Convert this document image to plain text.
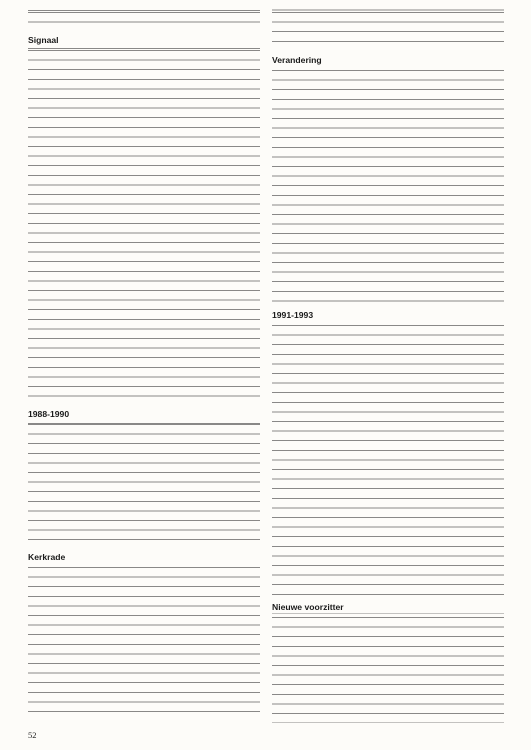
Signaal
1988-1990
Kerkrade
Verandering
1991-1993
Nieuwe voorzitter
52
